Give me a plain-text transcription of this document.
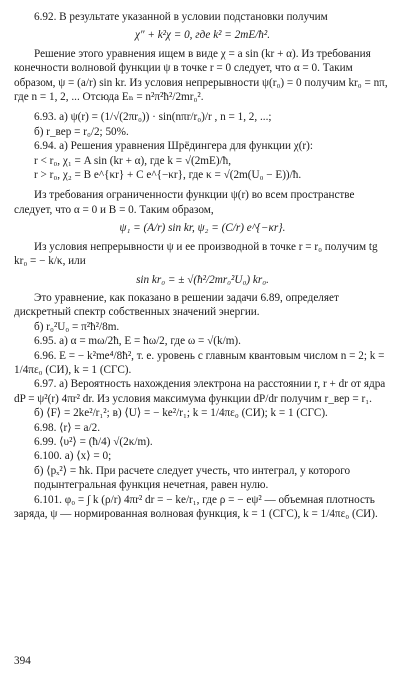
6.92. В результате указанной в условии подстановки получим

χ″ + k²χ = 0, где k² = 2mE/ħ².

Решение этого уравнения ищем в виде χ = a sin (kr + α). Из требования конечности волновой функции ψ в точке r = 0 следует, что α = 0. Таким образом, ψ = (a/r) sin kr. Из условия непрерывности ψ(r₀) = 0 получим kr₀ = nπ, где n = 1, 2, ... Отсюда Eₙ = n²π²ħ²/2mr₀².

6.93. а) ψ(r) = (1/√(2πr₀)) · sin(nπr/r₀)/r , n = 1, 2, ...;

б) r_вер = r₀/2; 50%.

6.94. а) Решения уравнения Шрёдингера для функции χ(r):

r < r₀, χ₁ = A sin (kr + α), где k = √(2mE)/ħ,

r > r₀, χ₂ = B e^{κr} + C e^{−κr}, где κ = √(2m(U₀ − E))/ħ.

Из требования ограниченности функции ψ(r) во всем пространстве следует, что α = 0 и B = 0. Таким образом,

ψ₁ = (A/r) sin kr, ψ₂ = (C/r) e^{−κr}.

Из условия непрерывности ψ и ее производной в точке r = r₀ получим tg kr₀ = − k/κ, или

sin kr₀ = ± √(ħ²/2mr₀²U₀) kr₀.

Это уравнение, как показано в решении задачи 6.89, определяет дискретный спектр собственных значений энергии.

б) r₀²U₀ = π²ħ²/8m.

6.95. а) α = mω/2ħ, E = ħω/2, где ω = √(k/m).

6.96. E = − k²me⁴/8ħ², т. е. уровень с главным квантовым числом n = 2; k = 1/4πε₀ (СИ), k = 1 (СГС).

6.97. а) Вероятность нахождения электрона на расстоянии r, r + dr от ядра dP = ψ²(r) 4πr² dr. Из условия максимума функции dP/dr получим r_вер = r₁.

б) ⟨F⟩ = 2ke²/r₁²; в) ⟨U⟩ = − ke²/r₁; k = 1/4πε₀ (СИ); k = 1 (СГС).

6.98. ⟨r⟩ = a/2.

6.99. ⟨υ²⟩ = (ħ/4) √(2κ/m).

6.100. а) ⟨x⟩ = 0;

б) ⟨pₓ²⟩ = ħk. При расчете следует учесть, что интеграл, у которого подынтегральная функция нечетная, равен нулю.

6.101. φ₀ = ∫ k (ρ/r) 4πr² dr = − ke/r₁, где ρ = − eψ² — объемная плотность заряда, ψ — нормированная волновая функция, k = 1 (СГС), k = 1/4πε₀ (СИ).

394
